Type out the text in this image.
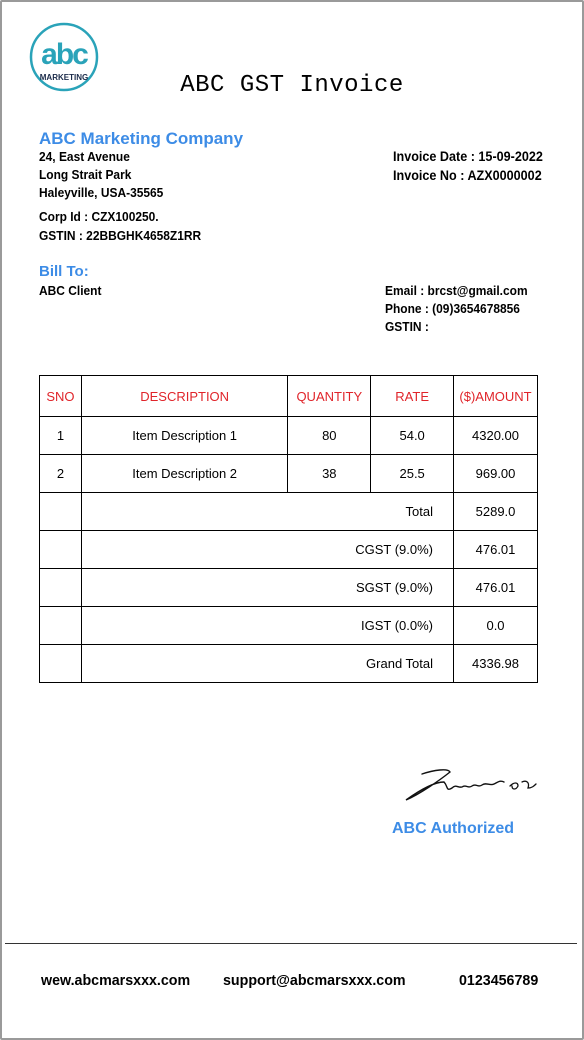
abc
MARKETING	ABC GST Invoice
ABC Marketing Company
24, East Avenue
Long Strait Park
Haleyville, USA-35565
Corp Id : CZX100250.
GSTIN : 22BBGHK4658Z1RR
Invoice Date : 15-09-2022
Invoice No : AZX0000002
Bill To:
ABC Client	Email : brcst@gmail.com
Phone : (09)3654678856
GSTIN :
SNO	DESCRIPTION	QUANTITY	RATE	($)AMOUNT
1	Item Description 1	80	54.0	4320.00
2	Item Description 2	38	25.5	969.00
	Total			5289.0
	CGST (9.0%)			476.01
	SGST (9.0%)			476.01
	IGST (0.0%)			0.0
	Grand Total			4336.98
ABC Authorized
wew.abcmarsxxx.com support@abcmarsxxx.com	0123456789
